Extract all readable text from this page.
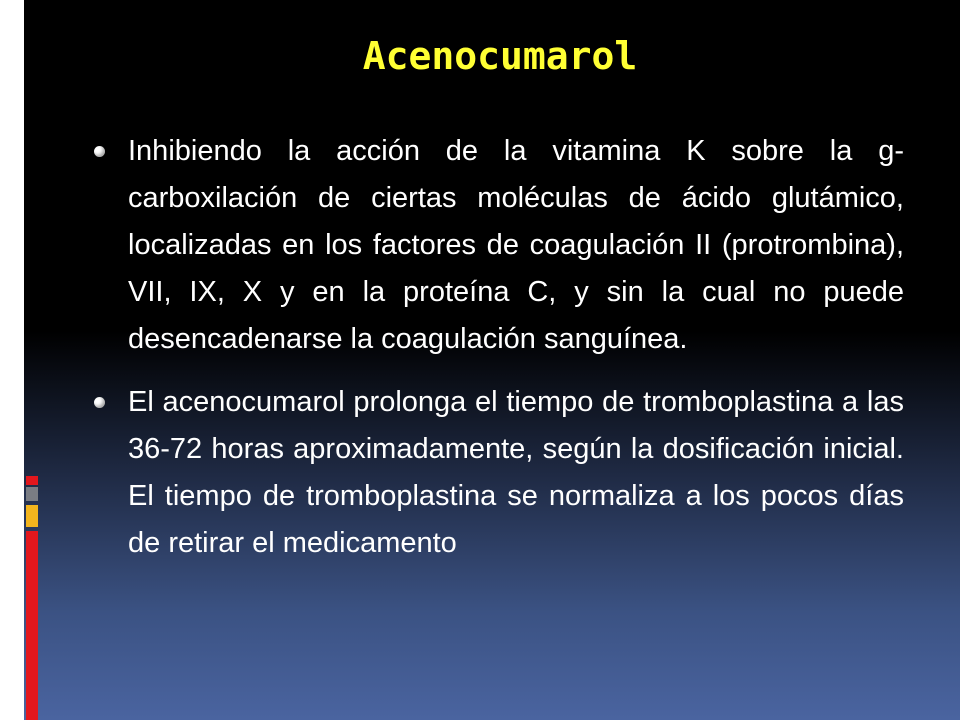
Acenocumarol
Inhibiendo la acción de la vitamina K sobre la g-carboxilación de ciertas moléculas de ácido glutámico, localizadas en los factores de coagulación II (protrombina), VII, IX, X y en la proteína C, y sin la cual no puede desencadenarse la coagulación sanguínea.
El acenocumarol prolonga el tiempo de tromboplastina a las 36-72 horas aproximadamente, según la dosificación inicial. El tiempo de tromboplastina se normaliza a los pocos días de retirar el medicamento
